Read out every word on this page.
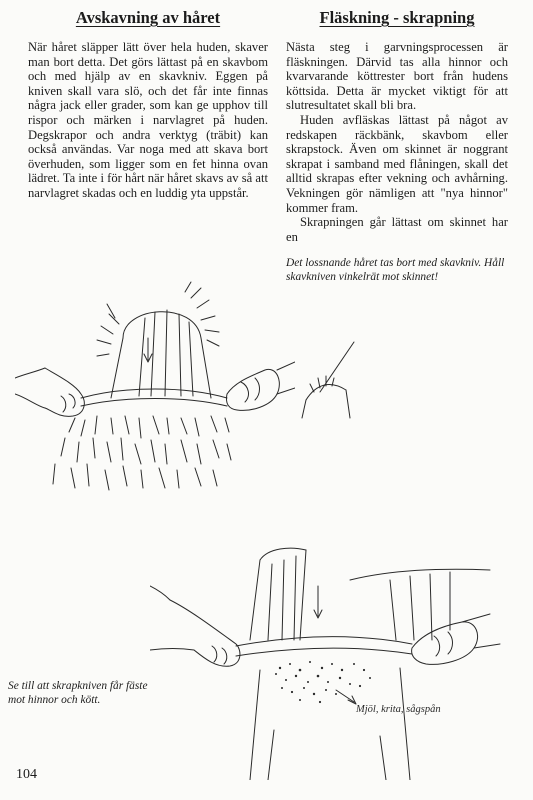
Avskavning av håret

När håret släpper lätt över hela huden, skaver man bort detta. Det görs lättast på en skavbom och med hjälp av en skavkniv. Eggen på kniven skall vara slö, och det får inte finnas några jack eller grader, som kan ge upphov till rispor och märken i narvlagret på huden. Degskrapor och andra verktyg (träbit) kan också användas. Var noga med att skava bort överhuden, som ligger som en fet hinna ovan lädret. Ta inte i för hårt när håret skavs av så att narvlagret skadas och en luddig yta uppstår.

Fläskning - skrapning

Nästa steg i garvningsprocessen är fläskningen. Därvid tas alla hinnor och kvarvarande köttrester bort från hudens köttsida. Detta är mycket viktigt för att slutresultatet skall bli bra.

Huden avfläskas lättast på något av redskapen räckbänk, skavbom eller skrapstock. Även om skinnet är noggrant skrapat i samband med flåningen, skall det alltid skrapas efter vekning och avhårning. Vekningen gör nämligen att "nya hinnor" kommer fram.

Skrapningen går lättast om skinnet har en

Det lossnande håret tas bort med skavkniv. Håll skavkniven vinkelrät mot skinnet!
Mjöl, krita, sågspån
Se till att skrapkniven får fäste mot hinnor och kött.
104
